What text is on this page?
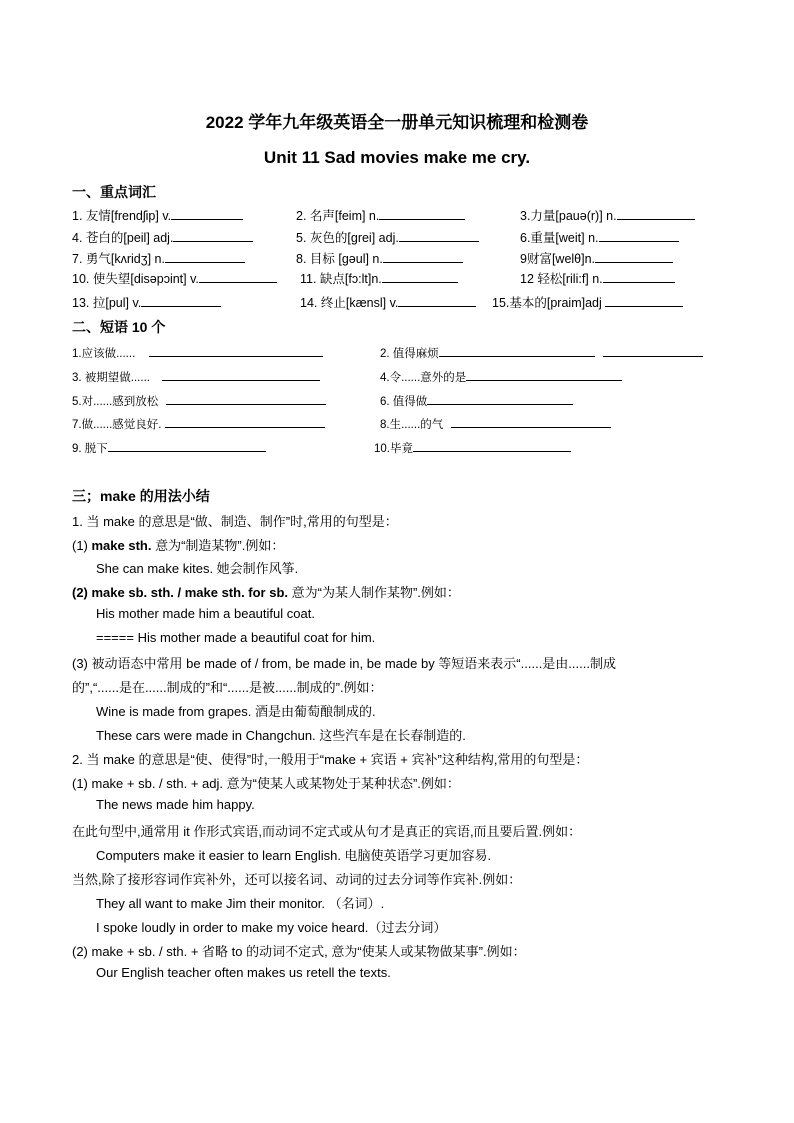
2022 学年九年级英语全一册单元知识梳理和检测卷
Unit 11 Sad movies make me cry.
一、重点词汇
1. 友情[frendʃip] v.	2. 名声[feim] n.	3.力量[pauə(r)] n.
4. 苍白的[peil] adj.	5. 灰色的[grei] adj.	6.重量[weit] n.
7. 勇气[kʌridʒ] n.	8. 目标 [gəul] n.	9财富[welθ]n.
10. 使失望[disəpɔint] v.	11. 缺点[fɔ:lt]n.	12 轻松[rili:f] n.
13. 拉[pul] v.	14. 终止[kænsl] v.	15.基本的[praim]adj
二、短语 10 个
1.应该做......	2. 值得麻烦
3. 被期望做......	4.令......意外的是
5.对......感到放松	6. 值得做
7.做......感觉良好.	8.生......的气
9. 脱下	10.毕竟
三；make 的用法小结
1. 当 make 的意思是“做、制造、制作”时,常用的句型是：
(1) make sth. 意为“制造某物”.例如：
She can make kites. 她会制作风筝.
(2) make sb. sth. / make sth. for sb. 意为“为某人制作某物”.例如：
His mother made him a beautiful coat.
===== His mother made a beautiful coat for him.
(3) 被动语态中常用 be made of / from, be made in, be made by 等短语来表示“......是由......制成
的”,“......是在......制成的”和“......是被......制成的”.例如：
Wine is made from grapes. 酒是由葡萄酿制成的.
These cars were made in Changchun. 这些汽车是在长春制造的.
2. 当 make 的意思是“使、使得”时,一般用于“make + 宾语 + 宾补”这种结构,常用的句型是：
(1) make + sb. / sth. + adj. 意为“使某人或某物处于某种状态”.例如：
The news made him happy.
在此句型中,通常用 it 作形式宾语,而动词不定式或从句才是真正的宾语,而且要后置.例如：
Computers make it easier to learn English. 电脑使英语学习更加容易.
当然,除了接形容词作宾补外，还可以接名词、动词的过去分词等作宾补.例如：
They all want to make Jim their monitor. （名词）.
I spoke loudly in order to make my voice heard.（过去分词）
(2) make + sb. / sth. + 省略 to 的动词不定式, 意为“使某人或某物做某事”.例如：
Our English teacher often makes us retell the texts.
